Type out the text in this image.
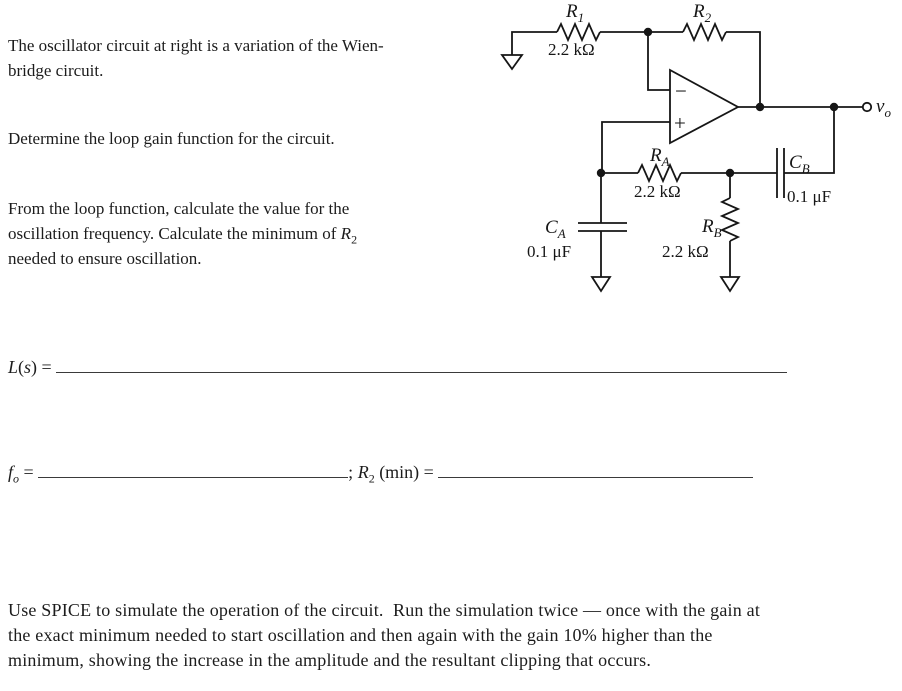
The oscillator circuit at right is a variation of the Wien-
bridge circuit.
Determine the loop gain function for the circuit.
From the loop function, calculate the value for the
oscillation frequency. Calculate the minimum of $R_2$
needed to ensure oscillation.
L(s) =
$f_o$ =	; $R_2$ (min) =
Use SPICE to simulate the operation of the circuit.  Run the simulation twice — once with the gain at
the exact minimum needed to start oscillation and then again with the gain 10% higher than the
minimum, showing the increase in the amplitude and the resultant clipping that occurs.
−
+
$v_o$
$R_1$
2.2 kΩ
$R_2$
$R_A$
2.2 kΩ
$R_B$
2.2 kΩ
$C_A$
0.1 μF
$C_B$
0.1 μF
